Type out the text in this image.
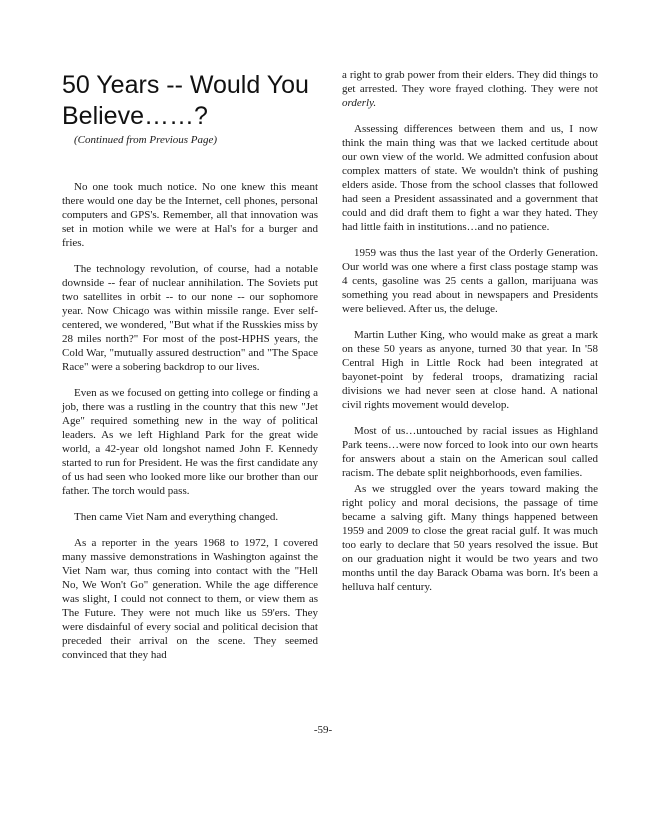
50 Years -- Would You Believe……?

(Continued from Previous Page)

No one took much notice. No one knew this meant there would one day be the Internet, cell phones, personal computers and GPS's. Remember, all that innovation was set in motion while we were at Hal's for a burger and fries.

The technology revolution, of course, had a notable downside -- fear of nuclear annihilation. The Soviets put two satellites in orbit -- to our none -- our sophomore year. Now Chicago was within missile range. Ever self-centered, we wondered, "But what if the Russkies miss by 28 miles north?" For most of the post-HPHS years, the Cold War, "mutually assured destruction" and "The Space Race" were a sobering backdrop to our lives.

Even as we focused on getting into college or finding a job, there was a rustling in the country that this new "Jet Age" required something new in the way of political leaders. As we left Highland Park for the great wide world, a 42-year old longshot named John F. Kennedy started to run for President. He was the first candidate any of us had seen who looked more like our brother than our father. The torch would pass.

Then came Viet Nam and everything changed.

As a reporter in the years 1968 to 1972, I covered many massive demonstrations in Washington against the Viet Nam war, thus coming into contact with the "Hell No, We Won't Go" generation. While the age difference was slight, I could not connect to them, or view them as The Future. They were not much like us 59'ers. They were disdainful of every social and political decision that preceded their arrival on the scene. They seemed convinced that they had

a right to grab power from their elders. They did things to get arrested. They wore frayed clothing. They were not orderly.

Assessing differences between them and us, I now think the main thing was that we lacked certitude about our own view of the world. We admitted confusion about complex matters of state. We wouldn't think of pushing elders aside. Those from the school classes that followed had seen a President assassinated and a government that could and did draft them to fight a war they hated. They had little faith in institutions…and no patience.

1959 was thus the last year of the Orderly Generation. Our world was one where a first class postage stamp was 4 cents, gasoline was 25 cents a gallon, marijuana was something you read about in newspapers and Presidents were believed. After us, the deluge.

Martin Luther King, who would make as great a mark on these 50 years as anyone, turned 30 that year. In '58 Central High in Little Rock had been integrated at bayonet-point by federal troops, dramatizing racial divisions we had never seen at close hand. A national civil rights movement would develop.

Most of us…untouched by racial issues as Highland Park teens…were now forced to look into our own hearts for answers about a stain on the American soul called racism. The debate split neighborhoods, even families.

As we struggled over the years toward making the right policy and moral decisions, the passage of time became a salving gift. Many things happened between 1959 and 2009 to close the great racial gulf. It was much too early to declare that 50 years resolved the issue. But on our graduation night it would be two years and two months until the day Barack Obama was born. It's been a helluva half century.

-59-
